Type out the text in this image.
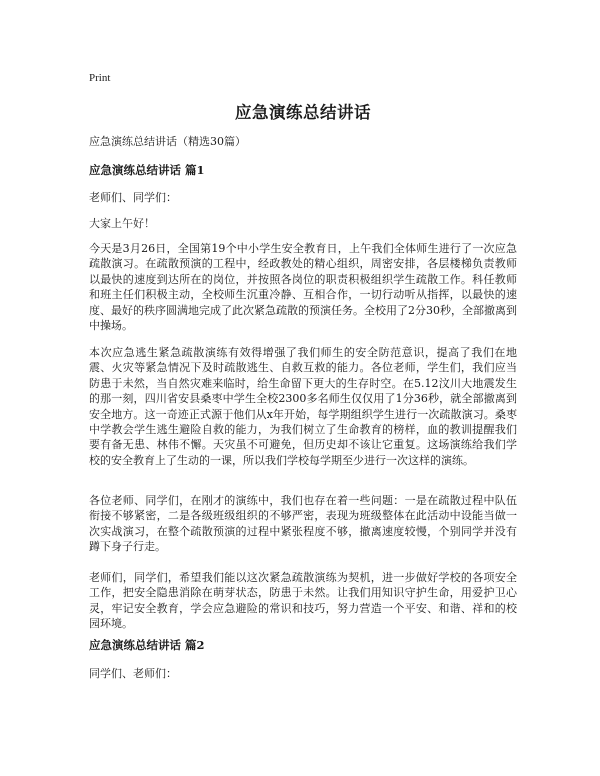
Print
应急演练总结讲话
应急演练总结讲话（精选30篇）
应急演练总结讲话 篇1
老师们、同学们：
大家上午好！

今天是3月26日，全国第19个中小学生安全教育日，上午我们全体师生进行了一次应急疏散演习。在疏散预演的工程中，经政教处的精心组织，周密安排，各层楼梯负责教师以最快的速度到达所在的岗位，并按照各岗位的职责积极组织学生疏散工作。科任教师和班主任们积极主动，全校师生沉重冷静、互相合作，一切行动听从指挥，以最快的速度、最好的秩序圆满地完成了此次紧急疏散的预演任务。全校用了2分30秒，全部撤离到中操场。

本次应急逃生紧急疏散演练有效得增强了我们师生的安全防范意识，提高了我们在地震、火灾等紧急情况下及时疏散逃生、自救互救的能力。各位老师，学生们，我们应当防患于未然，当自然灾难来临时，给生命留下更大的生存时空。在5.12汶川大地震发生的那一刻，四川省安县桑枣中学生全校2300多名师生仅仅用了1分36秒，就全部撤离到安全地方。这一奇迹正式源于他们从x年开始，每学期组织学生进行一次疏散演习。桑枣中学教会学生逃生避险自救的能力，为我们树立了生命教育的榜样，血的教训提醒我们要有备无患、林伟不懈。天灾虽不可避免，但历史却不该让它重复。这场演练给我们学校的安全教育上了生动的一课，所以我们学校每学期至少进行一次这样的演练。

各位老师、同学们，在刚才的演练中，我们也存在着一些问题：一是在疏散过程中队伍衔接不够紧密，二是各级班级组织的不够严密，表现为班级整体在此活动中设能当做一次实战演习，在整个疏散预演的过程中紧张程度不够，撤离速度较慢，个别同学并没有蹲下身子行走。

老师们，同学们，希望我们能以这次紧急疏散演练为契机，进一步做好学校的各项安全工作，把安全隐患消除在萌芽状态，防患于未然。让我们用知识守护生命，用爱护卫心灵，牢记安全教育，学会应急避险的常识和技巧，努力营造一个平安、和谐、祥和的校园环境。

应急演练总结讲话 篇2
同学们、老师们：
